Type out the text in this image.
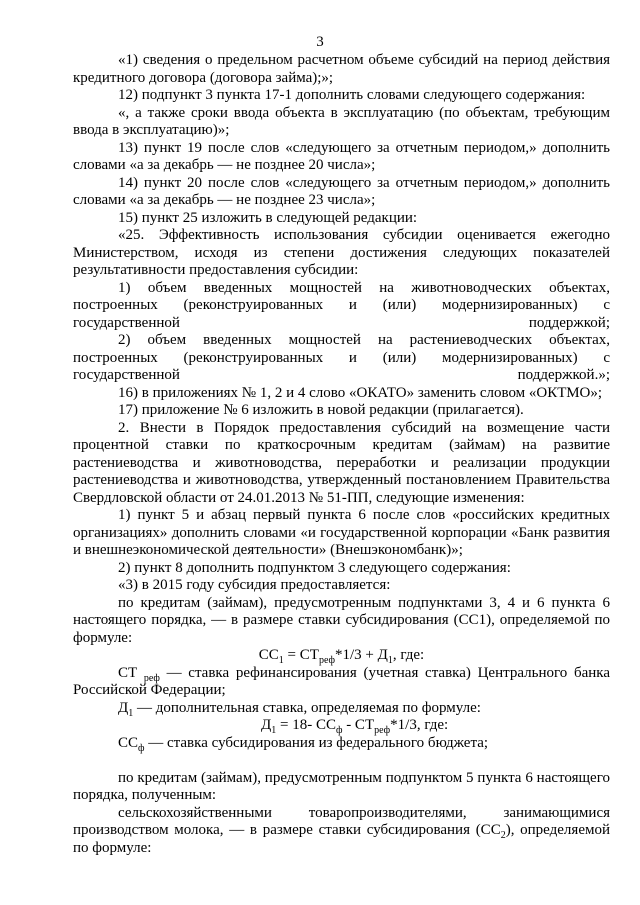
3

«1) сведения о предельном расчетном объеме субсидий на период действия кредитного договора (договора займа);»;

12) подпункт 3 пункта 17-1 дополнить словами следующего содержания:

«, а также сроки ввода объекта в эксплуатацию (по объектам, требующим ввода в эксплуатацию)»;

13) пункт 19 после слов «следующего за отчетным периодом,» дополнить словами «а за декабрь — не позднее 20 числа»;

14) пункт 20 после слов «следующего за отчетным периодом,» дополнить словами «а за декабрь — не позднее 23 числа»;

15) пункт 25 изложить в следующей редакции:

«25. Эффективность использования субсидии оценивается ежегодно Министерством, исходя из степени достижения следующих показателей результативности предоставления субсидии:

1) объем введенных мощностей на животноводческих объектах, построенных (реконструированных и (или) модернизированных) с государственной поддержкой;

2) объем введенных мощностей на растениеводческих объектах, построенных (реконструированных и (или) модернизированных) с государственной поддержкой.»;

16) в приложениях № 1, 2 и 4 слово «ОКАТО» заменить словом «ОКТМО»;

17) приложение № 6 изложить в новой редакции (прилагается).

2. Внести в Порядок предоставления субсидий на возмещение части процентной ставки по краткосрочным кредитам (займам) на развитие растениеводства и животноводства, переработки и реализации продукции растениеводства и животноводства, утвержденный постановлением Правительства Свердловской области от 24.01.2013 № 51-ПП, следующие изменения:

1) пункт 5 и абзац первый пункта 6 после слов «российских кредитных организациях» дополнить словами «и государственной корпорации «Банк развития и внешнеэкономической деятельности» (Внешэкономбанк)»;

2) пункт 8 дополнить подпунктом 3 следующего содержания:

«3) в 2015 году субсидия предоставляется:

по кредитам (займам), предусмотренным подпунктами 3, 4 и 6 пункта 6 настоящего порядка, — в размере ставки субсидирования (СС1), определяемой по формуле:

$СС_1 = СТ_{реф}*1/3 + Д_1$, где:

СТ $_{реф}$ — ставка рефинансирования (учетная ставка) Центрального банка Российской Федерации;

$Д_1$ — дополнительная ставка, определяемая по формуле:

$Д_1 = 18-$ $СС_ф - СТ_{реф}*1/3$, где:

$СС_ф$ — ставка субсидирования из федерального бюджета;

по кредитам (займам), предусмотренным подпунктом 5 пункта 6 настоящего порядка, полученным:

сельскохозяйственными товаропроизводителями, занимающимися производством молока, — в размере ставки субсидирования $(СС_2)$, определяемой по формуле:
